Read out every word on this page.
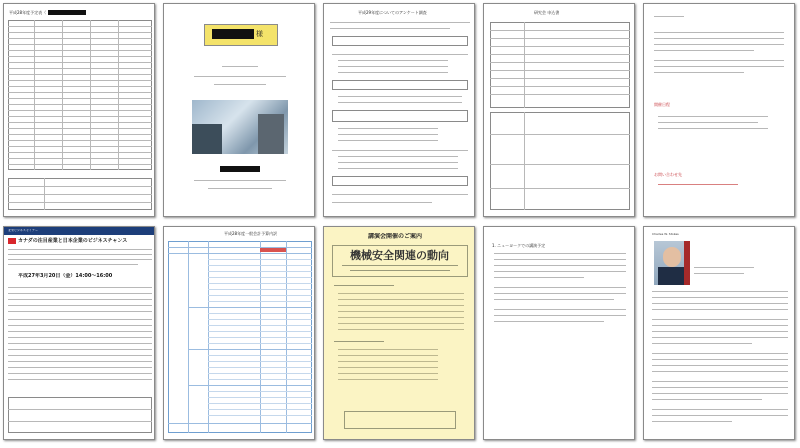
平成28年度予定表（
様
平成29年度についてのアンケート調査	研究会 申込書
開催日程
お問い合わせ先
北米ビジネスセミナー
カナダの注目産業と日本企業のビジネスチャンス
平成27年3月20日（金）14:00〜16:00
平成28年度一般会計予算内訳	講演会開催のご案内
機械安全関連の動向
1. ニューヨークでの講演予定
Charles W. Stokes
